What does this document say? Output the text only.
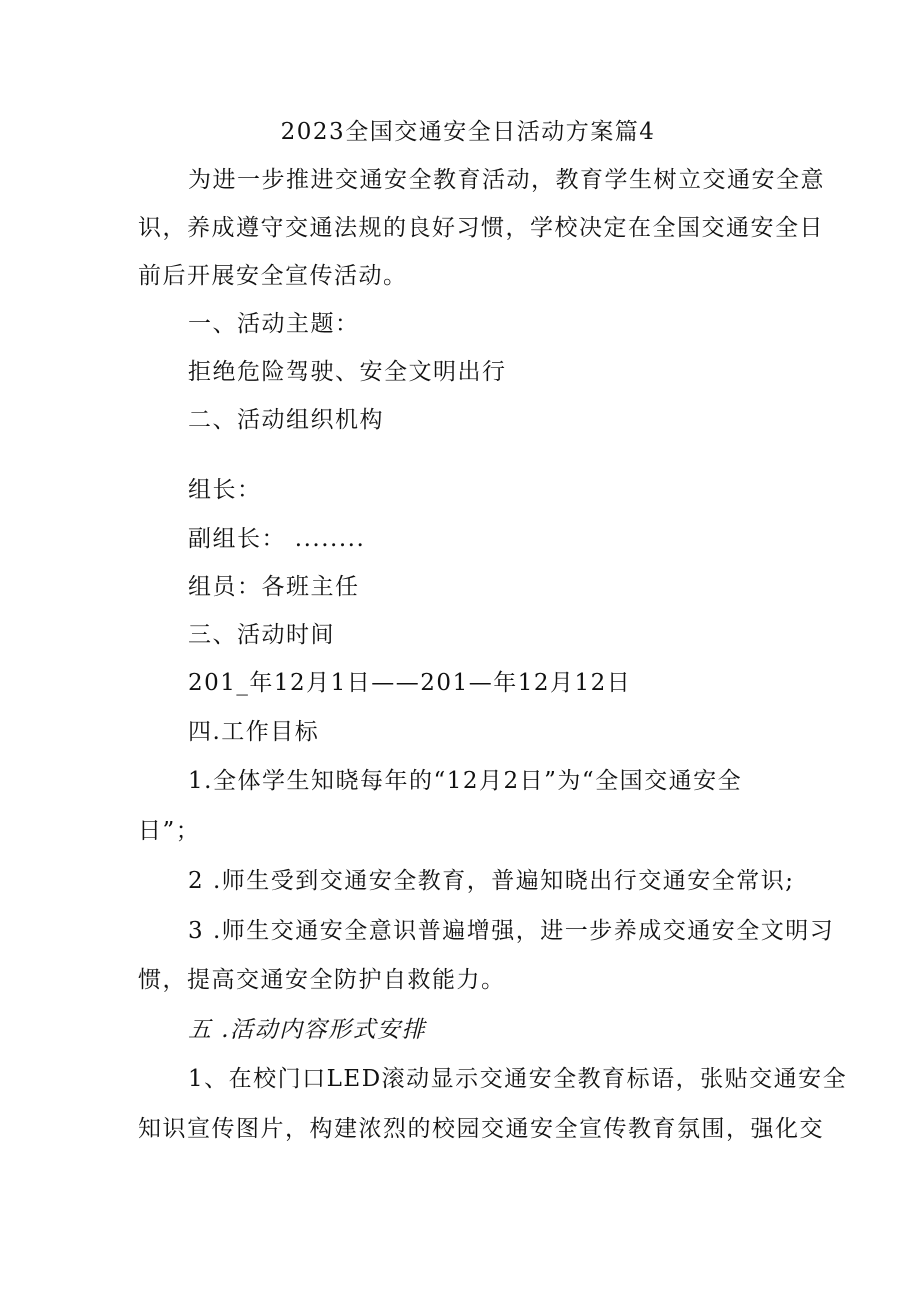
2023全国交通安全日活动方案篇4
为进一步推进交通安全教育活动，教育学生树立交通安全意
识，养成遵守交通法规的良好习惯，学校决定在全国交通安全日
前后开展安全宣传活动。
一、活动主题：
拒绝危险驾驶、安全文明出行
二、活动组织机构
组长：
副组长： ........
组员：各班主任
三、活动时间
201_年12月1日——201—年12月12日
四.工作目标
1.全体学生知晓每年的“12月2日”为“全国交通安全
日”；
2 .师生受到交通安全教育，普遍知晓出行交通安全常识;
3 .师生交通安全意识普遍增强，进一步养成交通安全文明习
惯，提高交通安全防护自救能力。
五 .活动内容形式安排
1、在校门口LED滚动显示交通安全教育标语，张贴交通安全
知识宣传图片，构建浓烈的校园交通安全宣传教育氛围，强化交
